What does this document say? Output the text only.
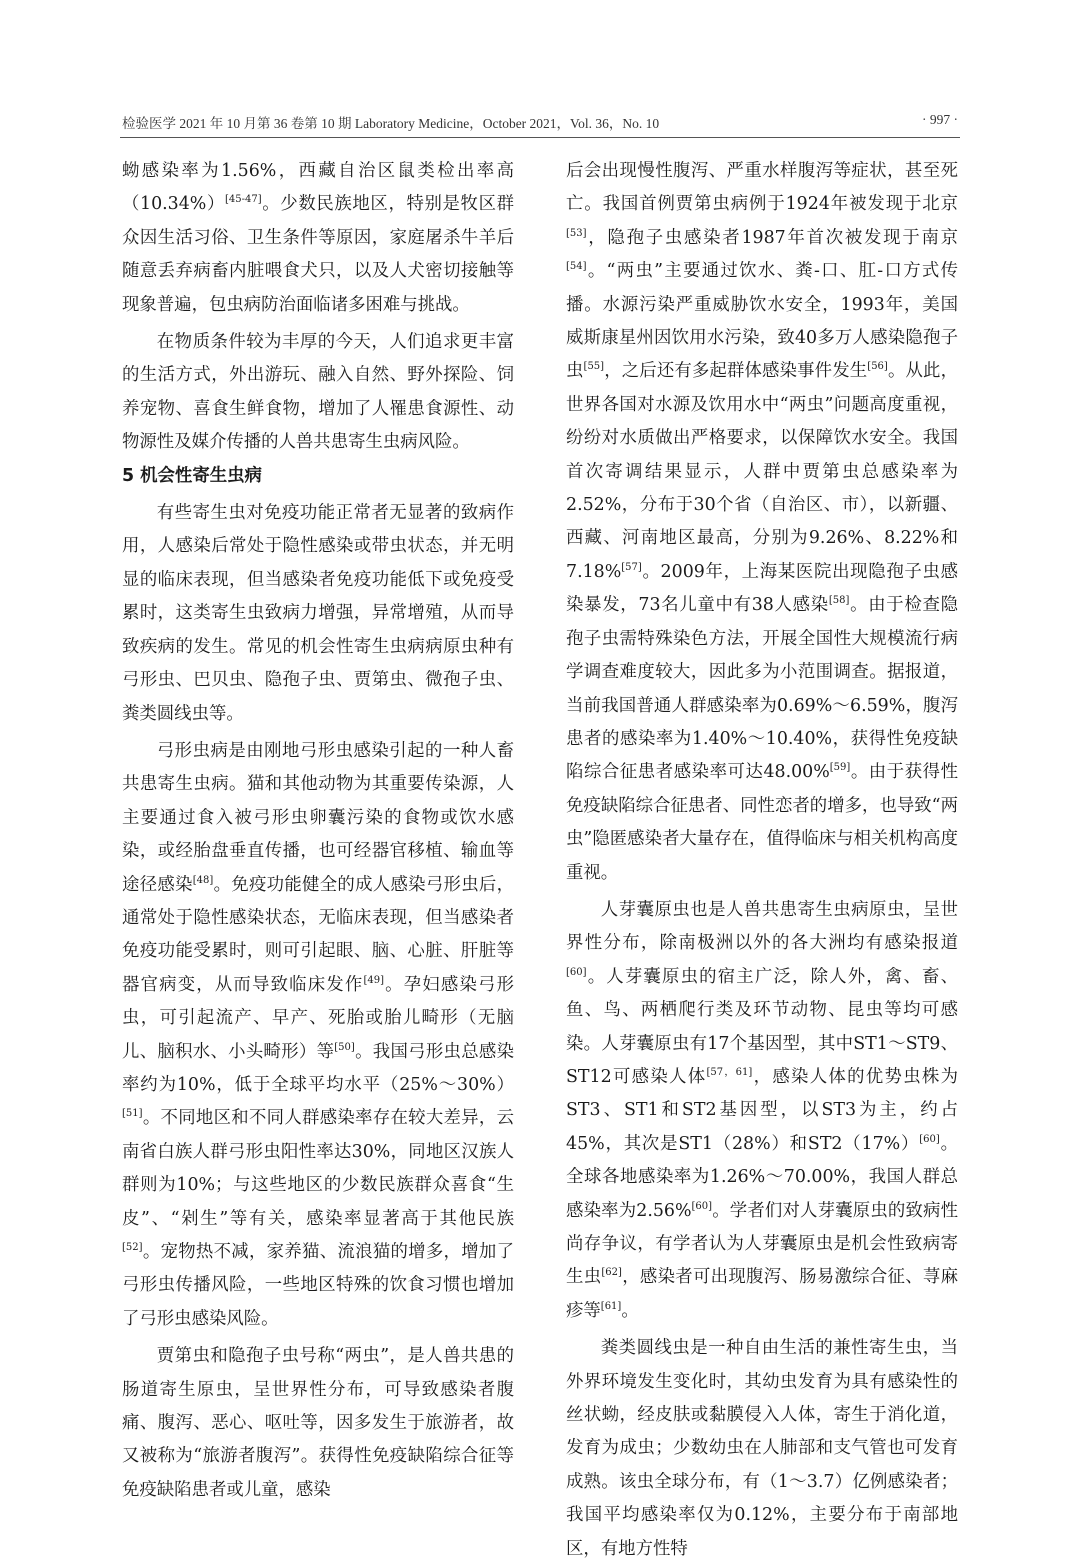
检验医学 2021 年 10 月第 36 卷第 10 期 Laboratory Medicine，October 2021，Vol. 36，No. 10	· 997 ·

蚴感染率为1.56%，西藏自治区鼠类检出率高（10.34%）[45-47]。少数民族地区，特别是牧区群众因生活习俗、卫生条件等原因，家庭屠杀牛羊后随意丢弃病畜内脏喂食犬只，以及人犬密切接触等现象普遍，包虫病防治面临诸多困难与挑战。

在物质条件较为丰厚的今天，人们追求更丰富的生活方式，外出游玩、融入自然、野外探险、饲养宠物、喜食生鲜食物，增加了人罹患食源性、动物源性及媒介传播的人兽共患寄生虫病风险。

5 机会性寄生虫病

有些寄生虫对免疫功能正常者无显著的致病作用，人感染后常处于隐性感染或带虫状态，并无明显的临床表现，但当感染者免疫功能低下或免疫受累时，这类寄生虫致病力增强，异常增殖，从而导致疾病的发生。常见的机会性寄生虫病病原虫种有弓形虫、巴贝虫、隐孢子虫、贾第虫、微孢子虫、粪类圆线虫等。

弓形虫病是由刚地弓形虫感染引起的一种人畜共患寄生虫病。猫和其他动物为其重要传染源，人主要通过食入被弓形虫卵囊污染的食物或饮水感染，或经胎盘垂直传播，也可经器官移植、输血等途径感染[48]。免疫功能健全的成人感染弓形虫后，通常处于隐性感染状态，无临床表现，但当感染者免疫功能受累时，则可引起眼、脑、心脏、肝脏等器官病变，从而导致临床发作[49]。孕妇感染弓形虫，可引起流产、早产、死胎或胎儿畸形（无脑儿、脑积水、小头畸形）等[50]。我国弓形虫总感染率约为10%，低于全球平均水平（25%～30%）[51]。不同地区和不同人群感染率存在较大差异，云南省白族人群弓形虫阳性率达30%，同地区汉族人群则为10%；与这些地区的少数民族群众喜食“生皮”、“剁生”等有关，感染率显著高于其他民族[52]。宠物热不减，家养猫、流浪猫的增多，增加了弓形虫传播风险，一些地区特殊的饮食习惯也增加了弓形虫感染风险。

贾第虫和隐孢子虫号称“两虫”，是人兽共患的肠道寄生原虫，呈世界性分布，可导致感染者腹痛、腹泻、恶心、呕吐等，因多发生于旅游者，故又被称为“旅游者腹泻”。获得性免疫缺陷综合征等免疫缺陷患者或儿童，感染

后会出现慢性腹泻、严重水样腹泻等症状，甚至死亡。我国首例贾第虫病例于1924年被发现于北京[53]，隐孢子虫感染者1987年首次被发现于南京[54]。“两虫”主要通过饮水、粪-口、肛-口方式传播。水源污染严重威胁饮水安全，1993年，美国威斯康星州因饮用水污染，致40多万人感染隐孢子虫[55]，之后还有多起群体感染事件发生[56]。从此，世界各国对水源及饮用水中“两虫”问题高度重视，纷纷对水质做出严格要求，以保障饮水安全。我国首次寄调结果显示，人群中贾第虫总感染率为2.52%，分布于30个省（自治区、市），以新疆、西藏、河南地区最高，分别为9.26%、8.22%和7.18%[57]。2009年，上海某医院出现隐孢子虫感染暴发，73名儿童中有38人感染[58]。由于检查隐孢子虫需特殊染色方法，开展全国性大规模流行病学调查难度较大，因此多为小范围调查。据报道，当前我国普通人群感染率为0.69%～6.59%，腹泻患者的感染率为1.40%～10.40%，获得性免疫缺陷综合征患者感染率可达48.00%[59]。由于获得性免疫缺陷综合征患者、同性恋者的增多，也导致“两虫”隐匿感染者大量存在，值得临床与相关机构高度重视。

人芽囊原虫也是人兽共患寄生虫病原虫，呈世界性分布，除南极洲以外的各大洲均有感染报道[60]。人芽囊原虫的宿主广泛，除人外，禽、畜、鱼、鸟、两栖爬行类及环节动物、昆虫等均可感染。人芽囊原虫有17个基因型，其中ST1～ST9、ST12可感染人体[57，61]，感染人体的优势虫株为ST3、ST1和ST2基因型，以ST3为主，约占45%，其次是ST1（28%）和ST2（17%）[60]。全球各地感染率为1.26%～70.00%，我国人群总感染率为2.56%[60]。学者们对人芽囊原虫的致病性尚存争议，有学者认为人芽囊原虫是机会性致病寄生虫[62]，感染者可出现腹泻、肠易激综合征、荨麻疹等[61]。

粪类圆线虫是一种自由生活的兼性寄生虫，当外界环境发生变化时，其幼虫发育为具有感染性的丝状蚴，经皮肤或黏膜侵入人体，寄生于消化道，发育为成虫；少数幼虫在人肺部和支气管也可发育成熟。该虫全球分布，有（1～3.7）亿例感染者；我国平均感染率仅为0.12%，主要分布于南部地区，有地方性特
